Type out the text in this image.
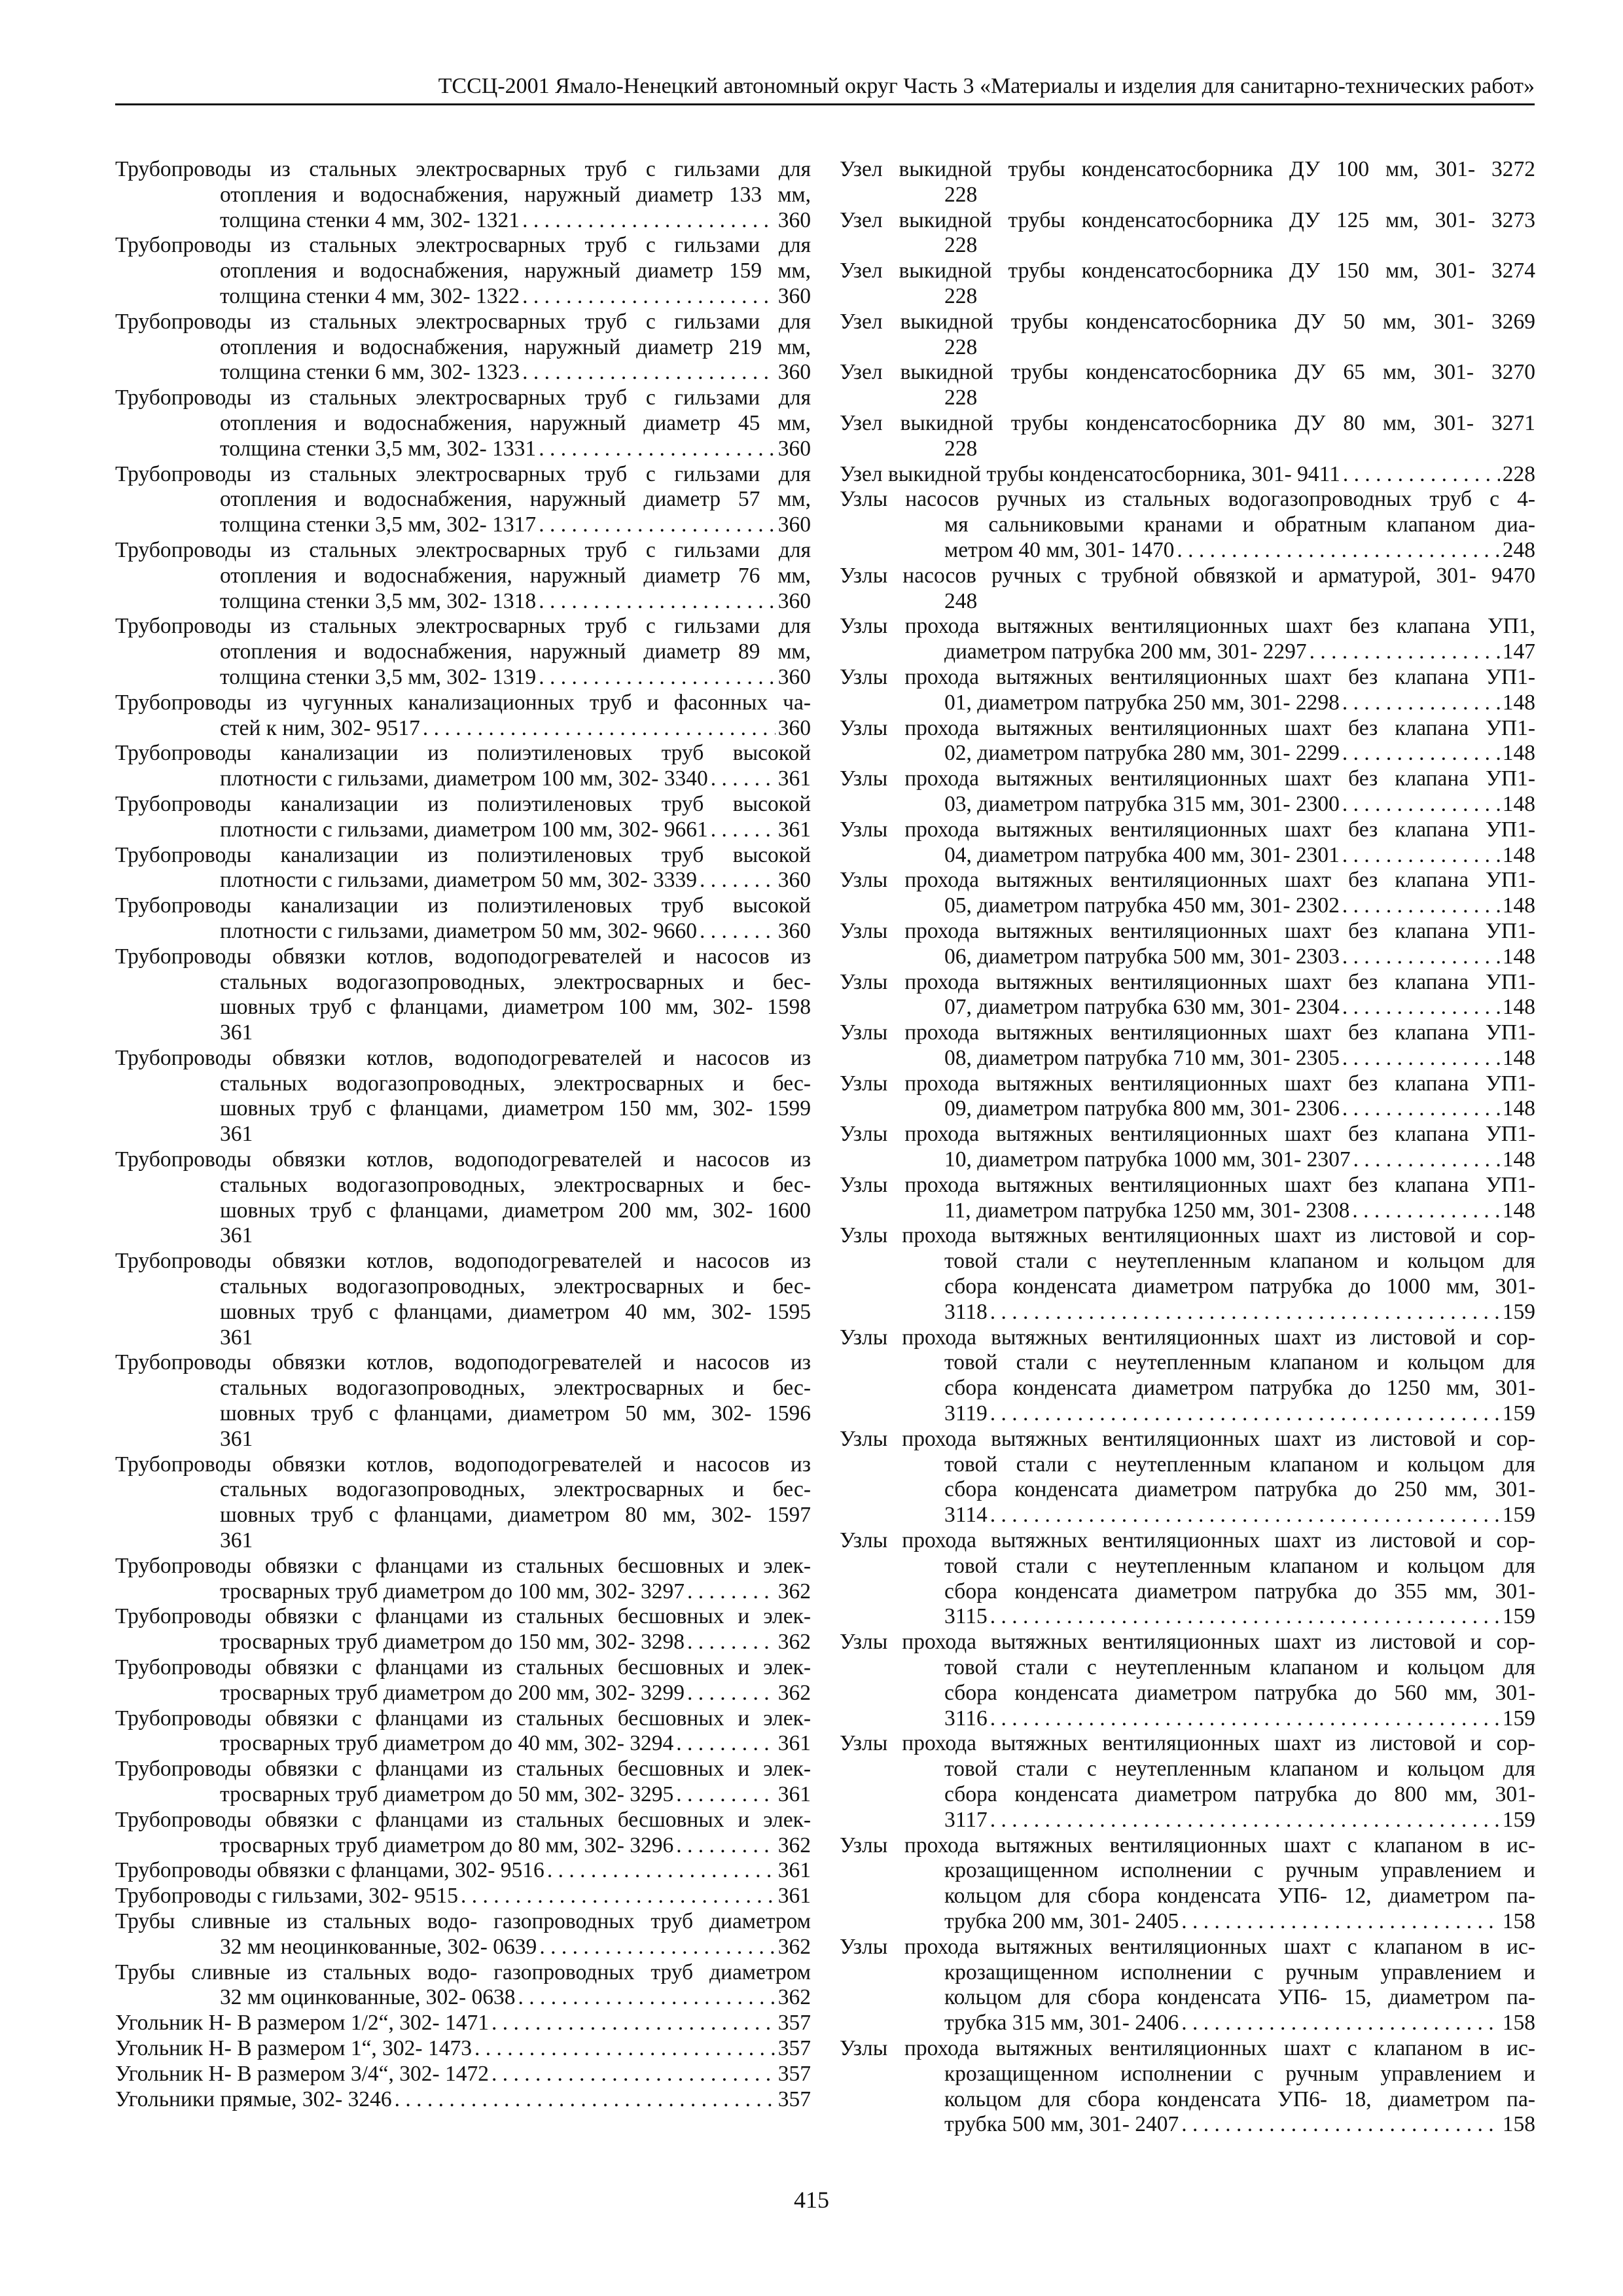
ТССЦ-2001 Ямало-Ненецкий автономный округ Часть 3 «Материалы и изделия для санитарно-технических работ»
Трубопроводы из стальных электросварных труб с гильзами для
отопления и водоснабжения, наружный диаметр 133 мм,
толщина стенки 4 мм, 302- 1321 . . .	360
Трубопроводы из стальных электросварных труб с гильзами для
отопления и водоснабжения, наружный диаметр 159 мм,
толщина стенки 4 мм, 302- 1322 . . .	360
Трубопроводы из стальных электросварных труб с гильзами для
отопления и водоснабжения, наружный диаметр 219 мм,
толщина стенки 6 мм, 302- 1323 . . .	360
Трубопроводы из стальных электросварных труб с гильзами для
отопления и водоснабжения, наружный диаметр 45 мм,
толщина стенки 3,5 мм, 302- 1331 . . .	360
Трубопроводы из стальных электросварных труб с гильзами для
отопления и водоснабжения, наружный диаметр 57 мм,
толщина стенки 3,5 мм, 302- 1317 . . .	360
Трубопроводы из стальных электросварных труб с гильзами для
отопления и водоснабжения, наружный диаметр 76 мм,
толщина стенки 3,5 мм, 302- 1318 . . .	360
Трубопроводы из стальных электросварных труб с гильзами для
отопления и водоснабжения, наружный диаметр 89 мм,
толщина стенки 3,5 мм, 302- 1319 . . .	360
Трубопроводы из чугунных канализационных труб и фасонных ча-
стей к ним, 302- 9517 . . .	360
Трубопроводы канализации из полиэтиленовых труб высокой
плотности с гильзами, диаметром 100 мм, 302- 3340 . . .	361
Трубопроводы канализации из полиэтиленовых труб высокой
плотности с гильзами, диаметром 100 мм, 302- 9661 . . .	361
Трубопроводы канализации из полиэтиленовых труб высокой
плотности с гильзами, диаметром 50 мм, 302- 3339 . . .	360
Трубопроводы канализации из полиэтиленовых труб высокой
плотности с гильзами, диаметром 50 мм, 302- 9660 . . .	360
Трубопроводы обвязки котлов, водоподогревателей и насосов из
стальных водогазопроводных, электросварных и бес-
шовных труб с фланцами, диаметром 100 мм, 302- 1598
361
Трубопроводы обвязки котлов, водоподогревателей и насосов из
стальных водогазопроводных, электросварных и бес-
шовных труб с фланцами, диаметром 150 мм, 302- 1599
361
Трубопроводы обвязки котлов, водоподогревателей и насосов из
стальных водогазопроводных, электросварных и бес-
шовных труб с фланцами, диаметром 200 мм, 302- 1600
361
Трубопроводы обвязки котлов, водоподогревателей и насосов из
стальных водогазопроводных, электросварных и бес-
шовных труб с фланцами, диаметром 40 мм, 302- 1595
361
Трубопроводы обвязки котлов, водоподогревателей и насосов из
стальных водогазопроводных, электросварных и бес-
шовных труб с фланцами, диаметром 50 мм, 302- 1596
361
Трубопроводы обвязки котлов, водоподогревателей и насосов из
стальных водогазопроводных, электросварных и бес-
шовных труб с фланцами, диаметром 80 мм, 302- 1597
361
Трубопроводы обвязки с фланцами из стальных бесшовных и элек-
тросварных труб диаметром до 100 мм, 302- 3297 . . .	362
Трубопроводы обвязки с фланцами из стальных бесшовных и элек-
тросварных труб диаметром до 150 мм, 302- 3298 . . .	362
Трубопроводы обвязки с фланцами из стальных бесшовных и элек-
тросварных труб диаметром до 200 мм, 302- 3299 . . .	362
Трубопроводы обвязки с фланцами из стальных бесшовных и элек-
тросварных труб диаметром до 40 мм, 302- 3294 . . .	361
Трубопроводы обвязки с фланцами из стальных бесшовных и элек-
тросварных труб диаметром до 50 мм, 302- 3295 . . .	361
Трубопроводы обвязки с фланцами из стальных бесшовных и элек-
тросварных труб диаметром до 80 мм, 302- 3296 . . .	362
Трубопроводы обвязки с фланцами, 302- 9516 . . .	361
Трубопроводы с гильзами, 302- 9515 . . .	361
Трубы сливные из стальных водо- газопроводных труб диаметром
32 мм неоцинкованные, 302- 0639 . . .	362
Трубы сливные из стальных водо- газопроводных труб диаметром
32 мм оцинкованные, 302- 0638 . . .	362
Угольник Н- В размером 1/2“, 302- 1471 . . .	357
Угольник Н- В размером 1“, 302- 1473 . . .	357
Угольник Н- В размером 3/4“, 302- 1472 . . .	357
Угольники прямые, 302- 3246 . . .	357
Узел выкидной трубы конденсатосборника ДУ 100 мм, 301- 3272
228
Узел выкидной трубы конденсатосборника ДУ 125 мм, 301- 3273
228
Узел выкидной трубы конденсатосборника ДУ 150 мм, 301- 3274
228
Узел выкидной трубы конденсатосборника ДУ 50 мм, 301- 3269
228
Узел выкидной трубы конденсатосборника ДУ 65 мм, 301- 3270
228
Узел выкидной трубы конденсатосборника ДУ 80 мм, 301- 3271
228
Узел выкидной трубы конденсатосборника, 301- 9411 . . .	228
Узлы насосов ручных из стальных водогазопроводных труб с 4-
мя сальниковыми кранами и обратным клапаном диа-
метром 40 мм, 301- 1470 . . .	248
Узлы насосов ручных с трубной обвязкой и арматурой, 301- 9470
248
Узлы прохода вытяжных вентиляционных шахт без клапана УП1,
диаметром патрубка 200 мм, 301- 2297 . . .	147
Узлы прохода вытяжных вентиляционных шахт без клапана УП1-
01, диаметром патрубка 250 мм, 301- 2298 . . .	148
Узлы прохода вытяжных вентиляционных шахт без клапана УП1-
02, диаметром патрубка 280 мм, 301- 2299 . . .	148
Узлы прохода вытяжных вентиляционных шахт без клапана УП1-
03, диаметром патрубка 315 мм, 301- 2300 . . .	148
Узлы прохода вытяжных вентиляционных шахт без клапана УП1-
04, диаметром патрубка 400 мм, 301- 2301 . . .	148
Узлы прохода вытяжных вентиляционных шахт без клапана УП1-
05, диаметром патрубка 450 мм, 301- 2302 . . .	148
Узлы прохода вытяжных вентиляционных шахт без клапана УП1-
06, диаметром патрубка 500 мм, 301- 2303 . . .	148
Узлы прохода вытяжных вентиляционных шахт без клапана УП1-
07, диаметром патрубка 630 мм, 301- 2304 . . .	148
Узлы прохода вытяжных вентиляционных шахт без клапана УП1-
08, диаметром патрубка 710 мм, 301- 2305 . . .	148
Узлы прохода вытяжных вентиляционных шахт без клапана УП1-
09, диаметром патрубка 800 мм, 301- 2306 . . .	148
Узлы прохода вытяжных вентиляционных шахт без клапана УП1-
10, диаметром патрубка 1000 мм, 301- 2307 . . .	148
Узлы прохода вытяжных вентиляционных шахт без клапана УП1-
11, диаметром патрубка 1250 мм, 301- 2308 . . .	148
Узлы прохода вытяжных вентиляционных шахт из листовой и сор-
товой стали с неутепленным клапаном и кольцом для
сбора конденсата диаметром патрубка до 1000 мм, 301-
3118 . . .	159
Узлы прохода вытяжных вентиляционных шахт из листовой и сор-
товой стали с неутепленным клапаном и кольцом для
сбора конденсата диаметром патрубка до 1250 мм, 301-
3119 . . .	159
Узлы прохода вытяжных вентиляционных шахт из листовой и сор-
товой стали с неутепленным клапаном и кольцом для
сбора конденсата диаметром патрубка до 250 мм, 301-
3114 . . .	159
Узлы прохода вытяжных вентиляционных шахт из листовой и сор-
товой стали с неутепленным клапаном и кольцом для
сбора конденсата диаметром патрубка до 355 мм, 301-
3115 . . .	159
Узлы прохода вытяжных вентиляционных шахт из листовой и сор-
товой стали с неутепленным клапаном и кольцом для
сбора конденсата диаметром патрубка до 560 мм, 301-
3116 . . .	159
Узлы прохода вытяжных вентиляционных шахт из листовой и сор-
товой стали с неутепленным клапаном и кольцом для
сбора конденсата диаметром патрубка до 800 мм, 301-
3117 . . .	159
Узлы прохода вытяжных вентиляционных шахт с клапаном в ис-
крозащищенном исполнении с ручным управлением и
кольцом для сбора конденсата УП6- 12, диаметром па-
трубка 200 мм, 301- 2405 . . .	158
Узлы прохода вытяжных вентиляционных шахт с клапаном в ис-
крозащищенном исполнении с ручным управлением и
кольцом для сбора конденсата УП6- 15, диаметром па-
трубка 315 мм, 301- 2406 . . .	158
Узлы прохода вытяжных вентиляционных шахт с клапаном в ис-
крозащищенном исполнении с ручным управлением и
кольцом для сбора конденсата УП6- 18, диаметром па-
трубка 500 мм, 301- 2407 . . .	158
415
